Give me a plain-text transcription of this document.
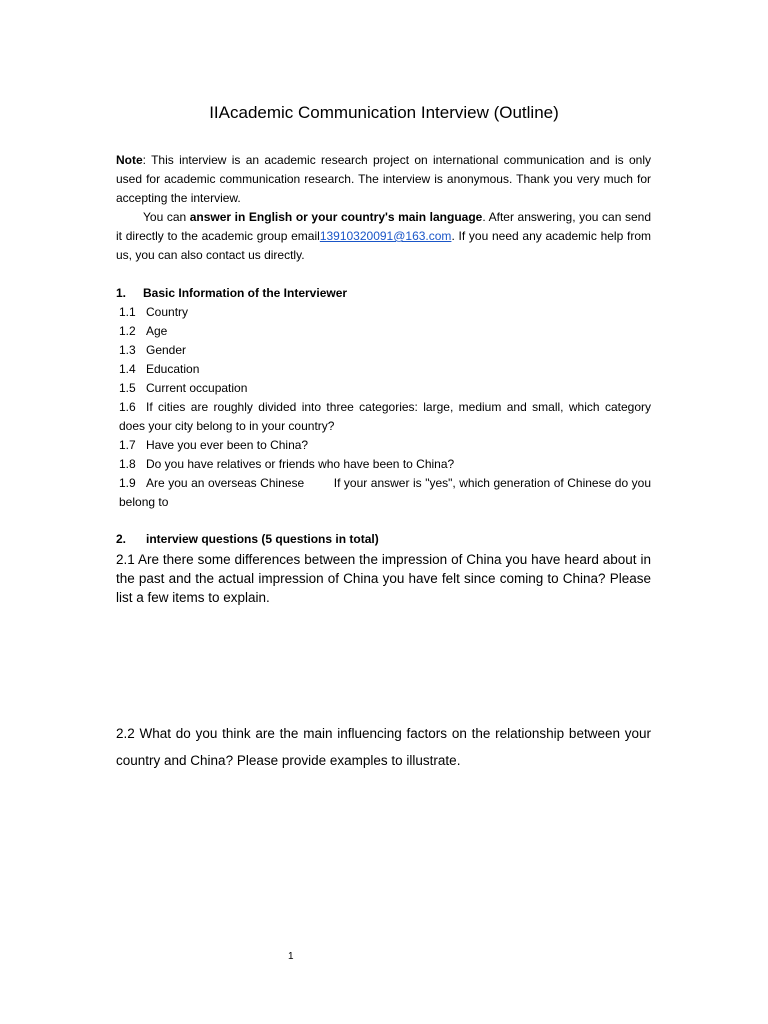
IIAcademic Communication Interview (Outline)
Note: This interview is an academic research project on international communication and is only used for academic communication research. The interview is anonymous. Thank you very much for accepting the interview.
You can answer in English or your country's main language. After answering, you can send it directly to the academic group email13910320091@163.com. If you need any academic help from us, you can also contact us directly.
1. Basic Information of the Interviewer
1.1 Country
1.2 Age
1.3 Gender
1.4 Education
1.5 Current occupation
1.6 If cities are roughly divided into three categories: large, medium and small, which category does your city belong to in your country?
1.7 Have you ever been to China?
1.8 Do you have relatives or friends who have been to China?
1.9 Are you an overseas Chinese If your answer is "yes", which generation of Chinese do you belong to
2. interview questions (5 questions in total)
2.1 Are there some differences between the impression of China you have heard about in the past and the actual impression of China you have felt since coming to China? Please list a few items to explain.
2.2 What do you think are the main influencing factors on the relationship between your country and China? Please provide examples to illustrate.
1
